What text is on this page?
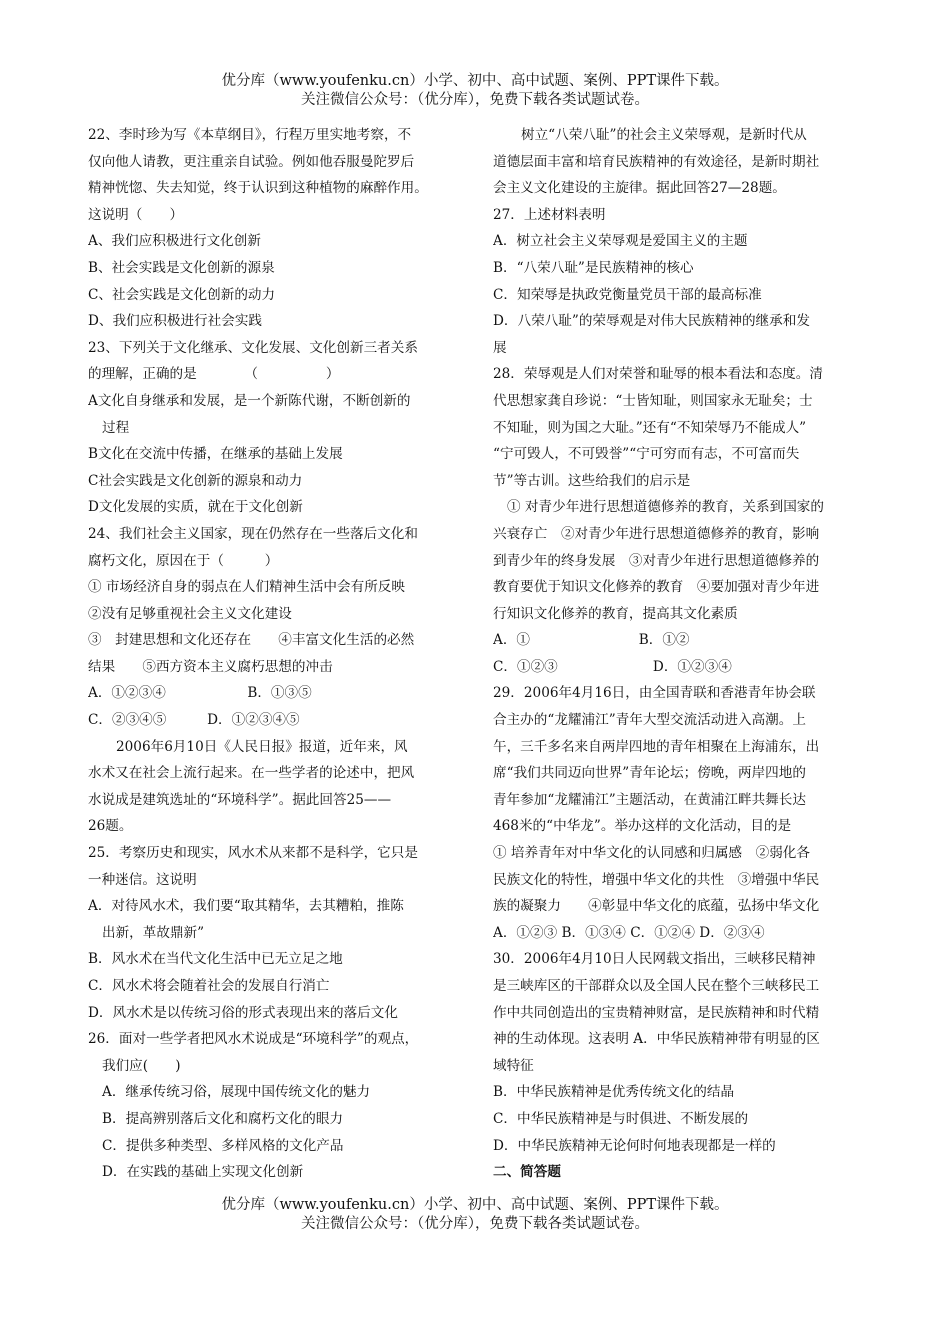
优分库（www.youfenku.cn）小学、初中、高中试题、案例、PPT课件下载。
关注微信公众号：（优分库），免费下载各类试题试卷。
22、李时珍为写《本草纲目》，行程万里实地考察，不
仅向他人请教，更注重亲自试验。例如他吞服曼陀罗后
精神恍惚、失去知觉，终于认识到这种植物的麻醉作用。
这说明（　　）
A、我们应积极进行文化创新
B、社会实践是文化创新的源泉
C、社会实践是文化创新的动力
D、我们应积极进行社会实践
23、下列关于文化继承、文化发展、文化创新三者关系
的理解，正确的是　　　　（　　　　　）
A文化自身继承和发展，是一个新陈代谢，不断创新的
过程
B文化在交流中传播，在继承的基础上发展
C社会实践是文化创新的源泉和动力
D文化发展的实质，就在于文化创新
24、我们社会主义国家，现在仍然存在一些落后文化和
腐朽文化，原因在于（　　　）
① 市场经济自身的弱点在人们精神生活中会有所反映
②没有足够重视社会主义文化建设
③　封建思想和文化还存在　　④丰富文化生活的必然
结果　　⑤西方资本主义腐朽思想的冲击
A．①②③④　　　　　　B．①③⑤
C．②③④⑤　　　D．①②③④⑤
2006年6月10日《人民日报》报道，近年来，风
水术又在社会上流行起来。在一些学者的论述中，把风
水说成是建筑选址的“环境科学”。据此回答25——
26题。
25．考察历史和现实，风水术从来都不是科学，它只是
一种迷信。这说明
A．对待风水术，我们要“取其精华，去其糟粕，推陈
出新，革故鼎新”
B．风水术在当代文化生活中已无立足之地
C．风水术将会随着社会的发展自行消亡
D．风水术是以传统习俗的形式表现出来的落后文化
26．面对一些学者把风水术说成是“环境科学”的观点，
我们应(　　)
A．继承传统习俗，展现中国传统文化的魅力
B．提高辨别落后文化和腐朽文化的眼力
C．提供多种类型、多样风格的文化产品
D．在实践的基础上实现文化创新
树立“八荣八耻”的社会主义荣辱观，是新时代从
道德层面丰富和培育民族精神的有效途径，是新时期社
会主义文化建设的主旋律。据此回答27—28题。
27．上述材料表明
A．树立社会主义荣辱观是爱国主义的主题
B．“八荣八耻”是民族精神的核心
C．知荣辱是执政党衡量党员干部的最高标准
D．八荣八耻”的荣辱观是对伟大民族精神的继承和发
展
28．荣辱观是人们对荣誉和耻辱的根本看法和态度。清
代思想家龚自珍说：“士皆知耻，则国家永无耻矣；士
不知耻，则为国之大耻。”还有“不知荣辱乃不能成人”
“宁可毁人，不可毁誉”“宁可穷而有志，不可富而失
节”等古训。这些给我们的启示是
① 对青少年进行思想道德修养的教育，关系到国家的
兴衰存亡　②对青少年进行思想道德修养的教育，影响
到青少年的终身发展　③对青少年进行思想道德修养的
教育要优于知识文化修养的教育　④要加强对青少年进
行知识文化修养的教育，提高其文化素质
A．①　　　　　　　　B．①②
C．①②③　　　　　　　D．①②③④
29．2006年4月16日，由全国青联和香港青年协会联
合主办的“龙耀浦江”青年大型交流活动进入高潮。上
午，三千多名来自两岸四地的青年相聚在上海浦东，出
席“我们共同迈向世界”青年论坛；傍晚，两岸四地的
青年参加“龙耀浦江”主题活动，在黄浦江畔共舞长达
468米的“中华龙”。举办这样的文化活动，目的是
① 培养青年对中华文化的认同感和归属感　②弱化各
民族文化的特性，增强中华文化的共性　③增强中华民
族的凝聚力　　④彰显中华文化的底蕴，弘扬中华文化
A．①②③ B．①③④ C．①②④ D．②③④
30．2006年4月10日人民网载文指出，三峡移民精神
是三峡库区的干部群众以及全国人民在整个三峡移民工
作中共同创造出的宝贵精神财富，是民族精神和时代精
神的生动体现。这表明 A．中华民族精神带有明显的区
域特征
B．中华民族精神是优秀传统文化的结晶
C．中华民族精神是与时俱进、不断发展的
D．中华民族精神无论何时何地表现都是一样的
二、简答题
优分库（www.youfenku.cn）小学、初中、高中试题、案例、PPT课件下载。
关注微信公众号：（优分库），免费下载各类试题试卷。
